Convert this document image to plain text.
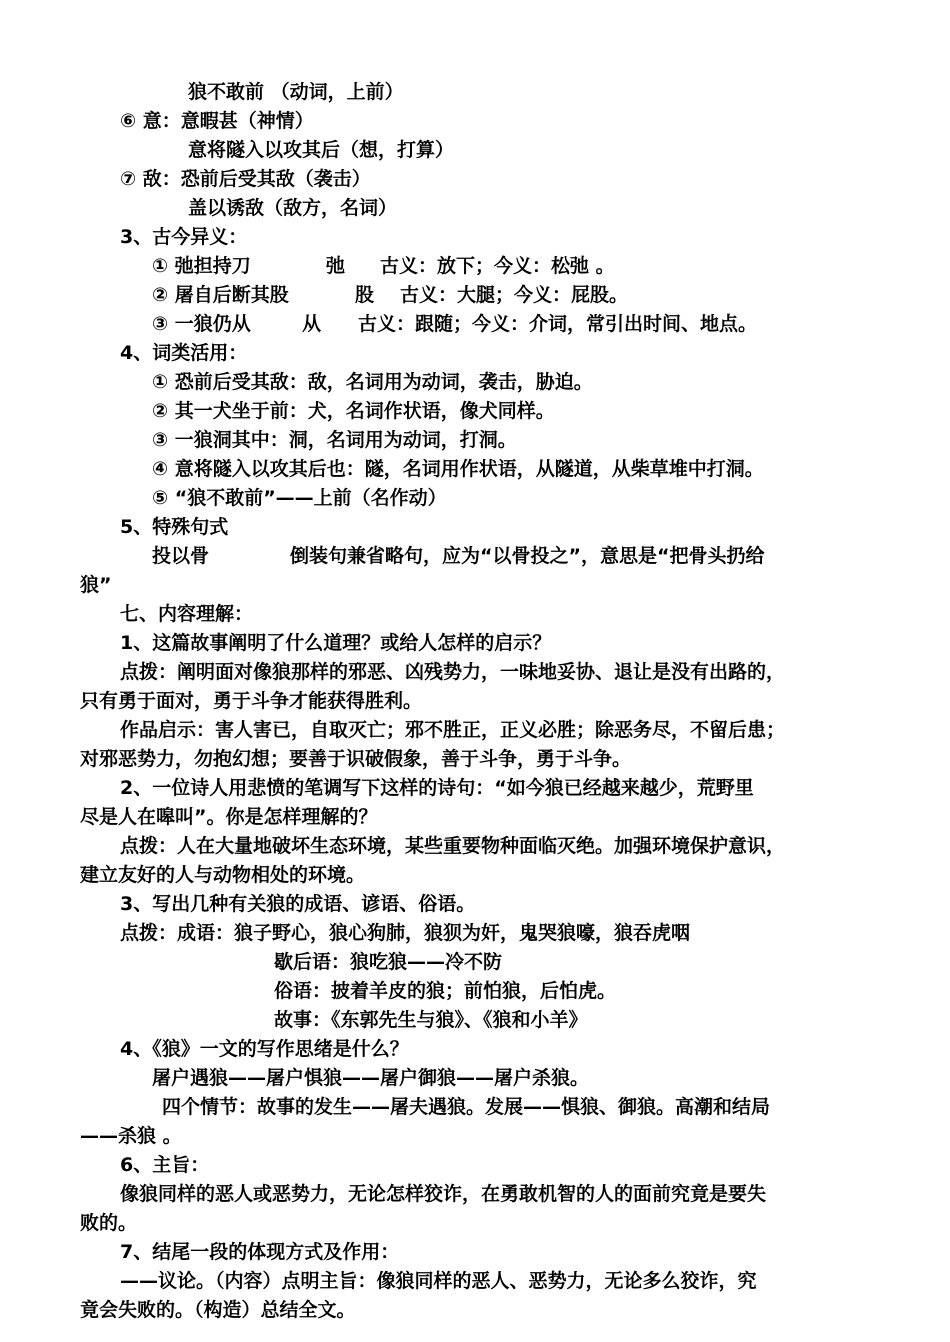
狼不敢前 （动词，上前）

⑥ 意：意暇甚（神情）

意将隧入以攻其后（想，打算）

⑦ 敌：恐前后受其敌（袭击）

盖以诱敌（敌方，名词）

3、古今异义：

① 弛担持刀	弛 古义：放下；今义：松弛 。

② 屠自后断其股	股 古义：大腿；今义：屁股。

③ 一狼仍从	从 古义：跟随；今义：介词，常引出时间、地点。

4、词类活用：

① 恐前后受其敌：敌，名词用为动词，袭击，胁迫。

② 其一犬坐于前：犬，名词作状语，像犬同样。

③ 一狼洞其中：洞，名词用为动词，打洞。

④ 意将隧入以攻其后也：隧，名词用作状语，从隧道，从柴草堆中打洞。

⑤ “狼不敢前”——上前（名作动）

5、特殊句式

投以骨	倒装句兼省略句，应为“以骨投之”，意思是“把骨头扔给

狼”

七、内容理解：

1、这篇故事阐明了什么道理？或给人怎样的启示？

点拨：阐明面对像狼那样的邪恶、凶残势力，一味地妥协、退让是没有出路的，

只有勇于面对，勇于斗争才能获得胜利。

作品启示：害人害已，自取灭亡；邪不胜正，正义必胜；除恶务尽，不留后患；

对邪恶势力，勿抱幻想；要善于识破假象，善于斗争，勇于斗争。

2、一位诗人用悲愤的笔调写下这样的诗句：“如今狼已经越来越少，荒野里

尽是人在嗥叫”。你是怎样理解的？

点拨：人在大量地破坏生态环境，某些重要物种面临灭绝。加强环境保护意识，

建立友好的人与动物相处的环境。

3、写出几种有关狼的成语、谚语、俗语。

点拨：成语：狼子野心，狼心狗肺，狼狈为奸，鬼哭狼嚎，狼吞虎咽

歇后语：狼吃狼——冷不防

俗语：披着羊皮的狼；前怕狼，后怕虎。

故事：《东郭先生与狼》、《狼和小羊》

4、《狼》一文的写作思绪是什么？

屠户遇狼——屠户惧狼——屠户御狼——屠户杀狼。

四个情节：故事的发生——屠夫遇狼。发展——惧狼、御狼。高潮和结局

——杀狼 。

6、主旨：

像狼同样的恶人或恶势力，无论怎样狡诈，在勇敢机智的人的面前究竟是要失

败的。

7、结尾一段的体现方式及作用：

——议论。（内容）点明主旨：像狼同样的恶人、恶势力，无论多么狡诈，究

竟会失败的。（构造）总结全文。
